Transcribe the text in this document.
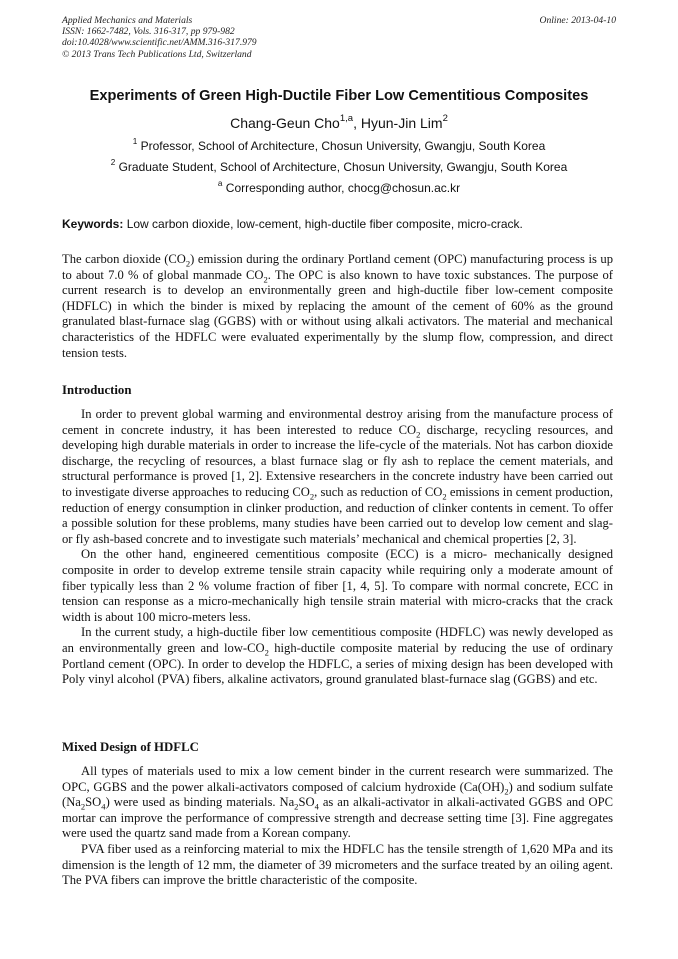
Applied Mechanics and Materials
ISSN: 1662-7482, Vols. 316-317, pp 979-982
doi:10.4028/www.scientific.net/AMM.316-317.979
© 2013 Trans Tech Publications Ltd, Switzerland
Online: 2013-04-10
Experiments of Green High-Ductile Fiber Low Cementitious Composites
Chang-Geun Cho$^{1,a}$, Hyun-Jin Lim$^2$
$^1$ Professor, School of Architecture, Chosun University, Gwangju, South Korea
$^2$ Graduate Student, School of Architecture, Chosun University, Gwangju, South Korea
$^a$ Corresponding author, chocg@chosun.ac.kr
Keywords: Low carbon dioxide, low-cement, high-ductile fiber composite, micro-crack.
The carbon dioxide $(CO_2)$ emission during the ordinary Portland cement (OPC) manufacturing process is up to about 7.0 % of global manmade $CO_2$. The OPC is also known to have toxic substances. The purpose of current research is to develop an environmentally green and high-ductile fiber low-cement composite (HDFLC) in which the binder is mixed by replacing the amount of the cement of 60% as the ground granulated blast-furnace slag (GGBS) with or without using alkali activators. The material and mechanical characteristics of the HDFLC were evaluated experimentally by the slump flow, compression, and direct tension tests.
Introduction
In order to prevent global warming and environmental destroy arising from the manufacture process of cement in concrete industry, it has been interested to reduce $CO_2$ discharge, recycling resources, and developing high durable materials in order to increase the life-cycle of the materials. Not has carbon dioxide discharge, the recycling of resources, a blast furnace slag or fly ash to replace the cement materials, and structural performance is proved [1, 2]. Extensive researchers in the concrete industry have been carried out to investigate diverse approaches to reducing $CO_2$, such as reduction of $CO_2$ emissions in cement production, reduction of energy consumption in clinker production, and reduction of clinker contents in cement. To offer a possible solution for these problems, many studies have been carried out to develop low cement and slag- or fly ash-based concrete and to investigate such materials’ mechanical and chemical properties [2, 3].
On the other hand, engineered cementitious composite (ECC) is a micro- mechanically designed composite in order to develop extreme tensile strain capacity while requiring only a moderate amount of fiber typically less than 2 % volume fraction of fiber [1, 4, 5]. To compare with normal concrete, ECC in tension can response as a micro-mechanically high tensile strain material with micro-cracks that the crack width is about 100 micro-meters less.
In the current study, a high-ductile fiber low cementitious composite (HDFLC) was newly developed as an environmentally green and low-$CO_2$ high-ductile composite material by reducing the use of ordinary Portland cement (OPC). In order to develop the HDFLC, a series of mixing design has been developed with Poly vinyl alcohol (PVA) fibers, alkaline activators, ground granulated blast-furnace slag (GGBS) and etc.
Mixed Design of HDFLC
All types of materials used to mix a low cement binder in the current research were summarized. The OPC, GGBS and the power alkali-activators composed of calcium hydroxide $(Ca(OH)_2)$ and sodium sulfate $(Na_2SO_4)$ were used as binding materials. $Na_2SO_4$ as an alkali-activator in alkali-activated GGBS and OPC mortar can improve the performance of compressive strength and decrease setting time [3]. Fine aggregates were used the quartz sand made from a Korean company.
PVA fiber used as a reinforcing material to mix the HDFLC has the tensile strength of 1,620 MPa and its dimension is the length of 12 mm, the diameter of 39 micrometers and the surface treated by an oiling agent. The PVA fibers can improve the brittle characteristic of the composite.
